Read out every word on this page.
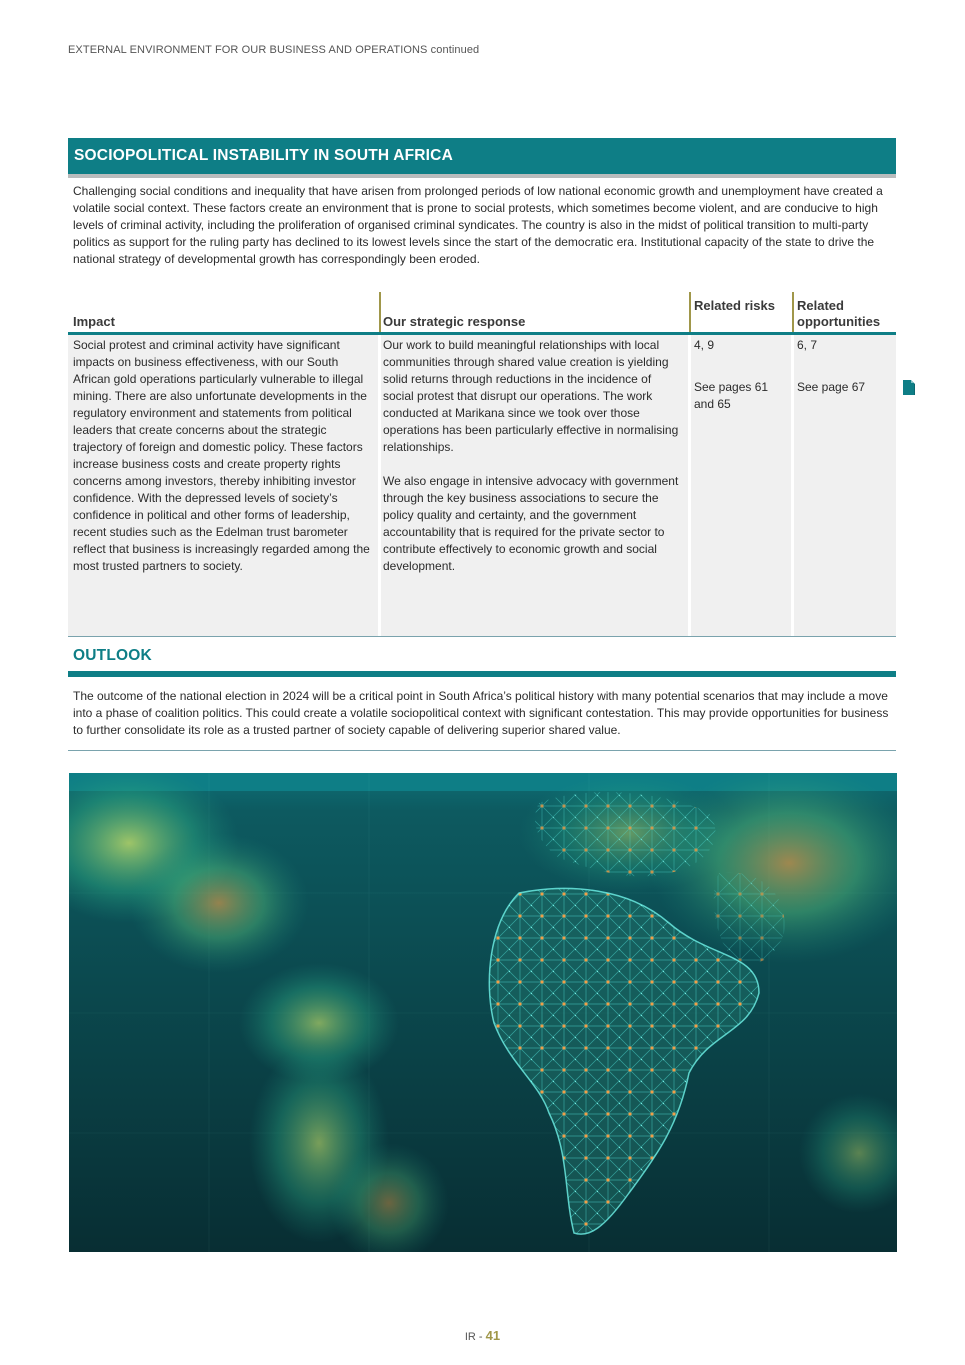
EXTERNAL ENVIRONMENT FOR OUR BUSINESS AND OPERATIONS continued
SOCIOPOLITICAL INSTABILITY IN SOUTH AFRICA
Challenging social conditions and inequality that have arisen from prolonged periods of low national economic growth and unemployment have created a volatile social context. These factors create an environment that is prone to social protests, which sometimes become violent, and are conducive to high levels of criminal activity, including the proliferation of organised criminal syndicates. The country is also in the midst of political transition to multi-party politics as support for the ruling party has declined to its lowest levels since the start of the democratic era. Institutional capacity of the state to drive the national strategy of developmental growth has correspondingly been eroded.
Impact	Our strategic response
Related risks	Related opportunities
Social protest and criminal activity have significant impacts on business effectiveness, with our South African gold operations particularly vulnerable to illegal mining. There are also unfortunate developments in the regulatory environment and statements from political leaders that create concerns about the strategic trajectory of foreign and domestic policy. These factors increase business costs and create property rights concerns among investors, thereby inhibiting investor confidence. With the depressed levels of society’s confidence in political and other forms of leadership, recent studies such as the Edelman trust barometer reflect that business is increasingly regarded among the most trusted partners to society.

Our work to build meaningful relationships with local communities through shared value creation is yielding solid returns through reductions in the incidence of social protest that disrupt our operations. The work conducted at Marikana since we took over those operations has been particularly effective in normalising relationships.

We also engage in intensive advocacy with government through the key business associations to secure the policy quality and certainty, and the government accountability that is required for the private sector to contribute effectively to economic growth and social development.

4, 9
See pages 61 and 65
6, 7
See page 67
OUTLOOK
The outcome of the national election in 2024 will be a critical point in South Africa’s political history with many potential scenarios that may include a move into a phase of coalition politics. This could create a volatile sociopolitical context with significant contestation. This may provide opportunities for business to further consolidate its role as a trusted partner of society capable of delivering superior shared value.
IR - 41
